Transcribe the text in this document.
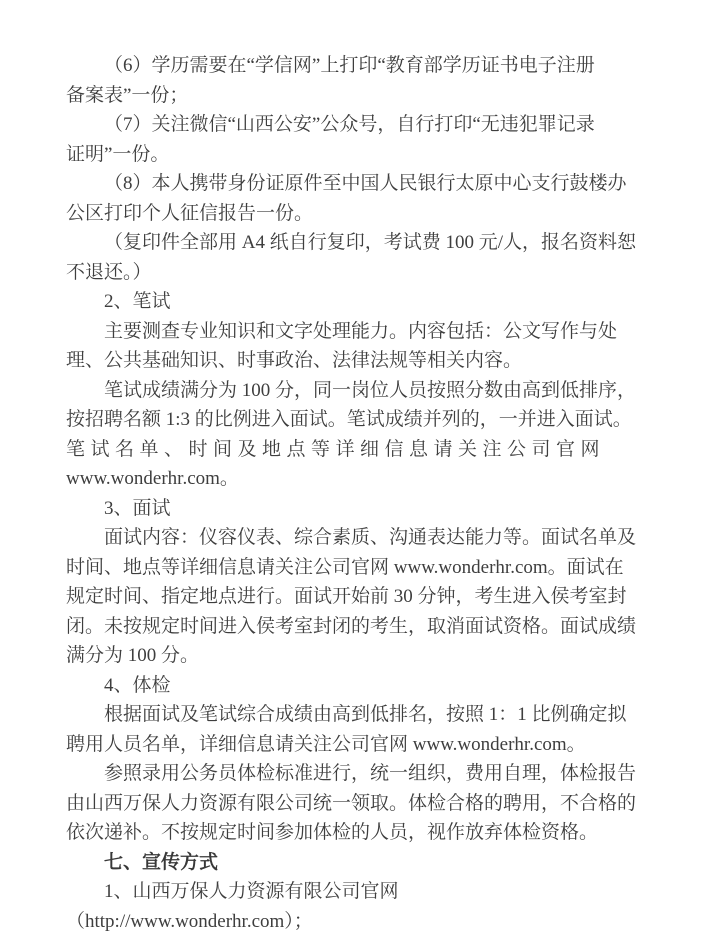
（6）学历需要在“学信网”上打印“教育部学历证书电子注册
备案表”一份；
（7）关注微信“山西公安”公众号，自行打印“无违犯罪记录
证明”一份。
（8）本人携带身份证原件至中国人民银行太原中心支行鼓楼办
公区打印个人征信报告一份。
（复印件全部用 A4 纸自行复印，考试费 100 元/人，报名资料恕
不退还。）
2、笔试
主要测查专业知识和文字处理能力。内容包括：公文写作与处
理、公共基础知识、时事政治、法律法规等相关内容。
笔试成绩满分为 100 分，同一岗位人员按照分数由高到低排序，
按招聘名额 1:3 的比例进入面试。笔试成绩并列的，一并进入面试。
笔试名单、时间及地点等详细信息请关注公司官网
www.wonderhr.com。
3、面试
面试内容：仪容仪表、综合素质、沟通表达能力等。面试名单及
时间、地点等详细信息请关注公司官网 www.wonderhr.com。面试在
规定时间、指定地点进行。面试开始前 30 分钟，考生进入侯考室封
闭。未按规定时间进入侯考室封闭的考生，取消面试资格。面试成绩
满分为 100 分。
4、体检
根据面试及笔试综合成绩由高到低排名，按照 1：1 比例确定拟
聘用人员名单，详细信息请关注公司官网 www.wonderhr.com。
参照录用公务员体检标准进行，统一组织，费用自理，体检报告
由山西万保人力资源有限公司统一领取。体检合格的聘用，不合格的
依次递补。不按规定时间参加体检的人员，视作放弃体检资格。
七、宣传方式
1、山西万保人力资源有限公司官网
（http://www.wonderhr.com）；
